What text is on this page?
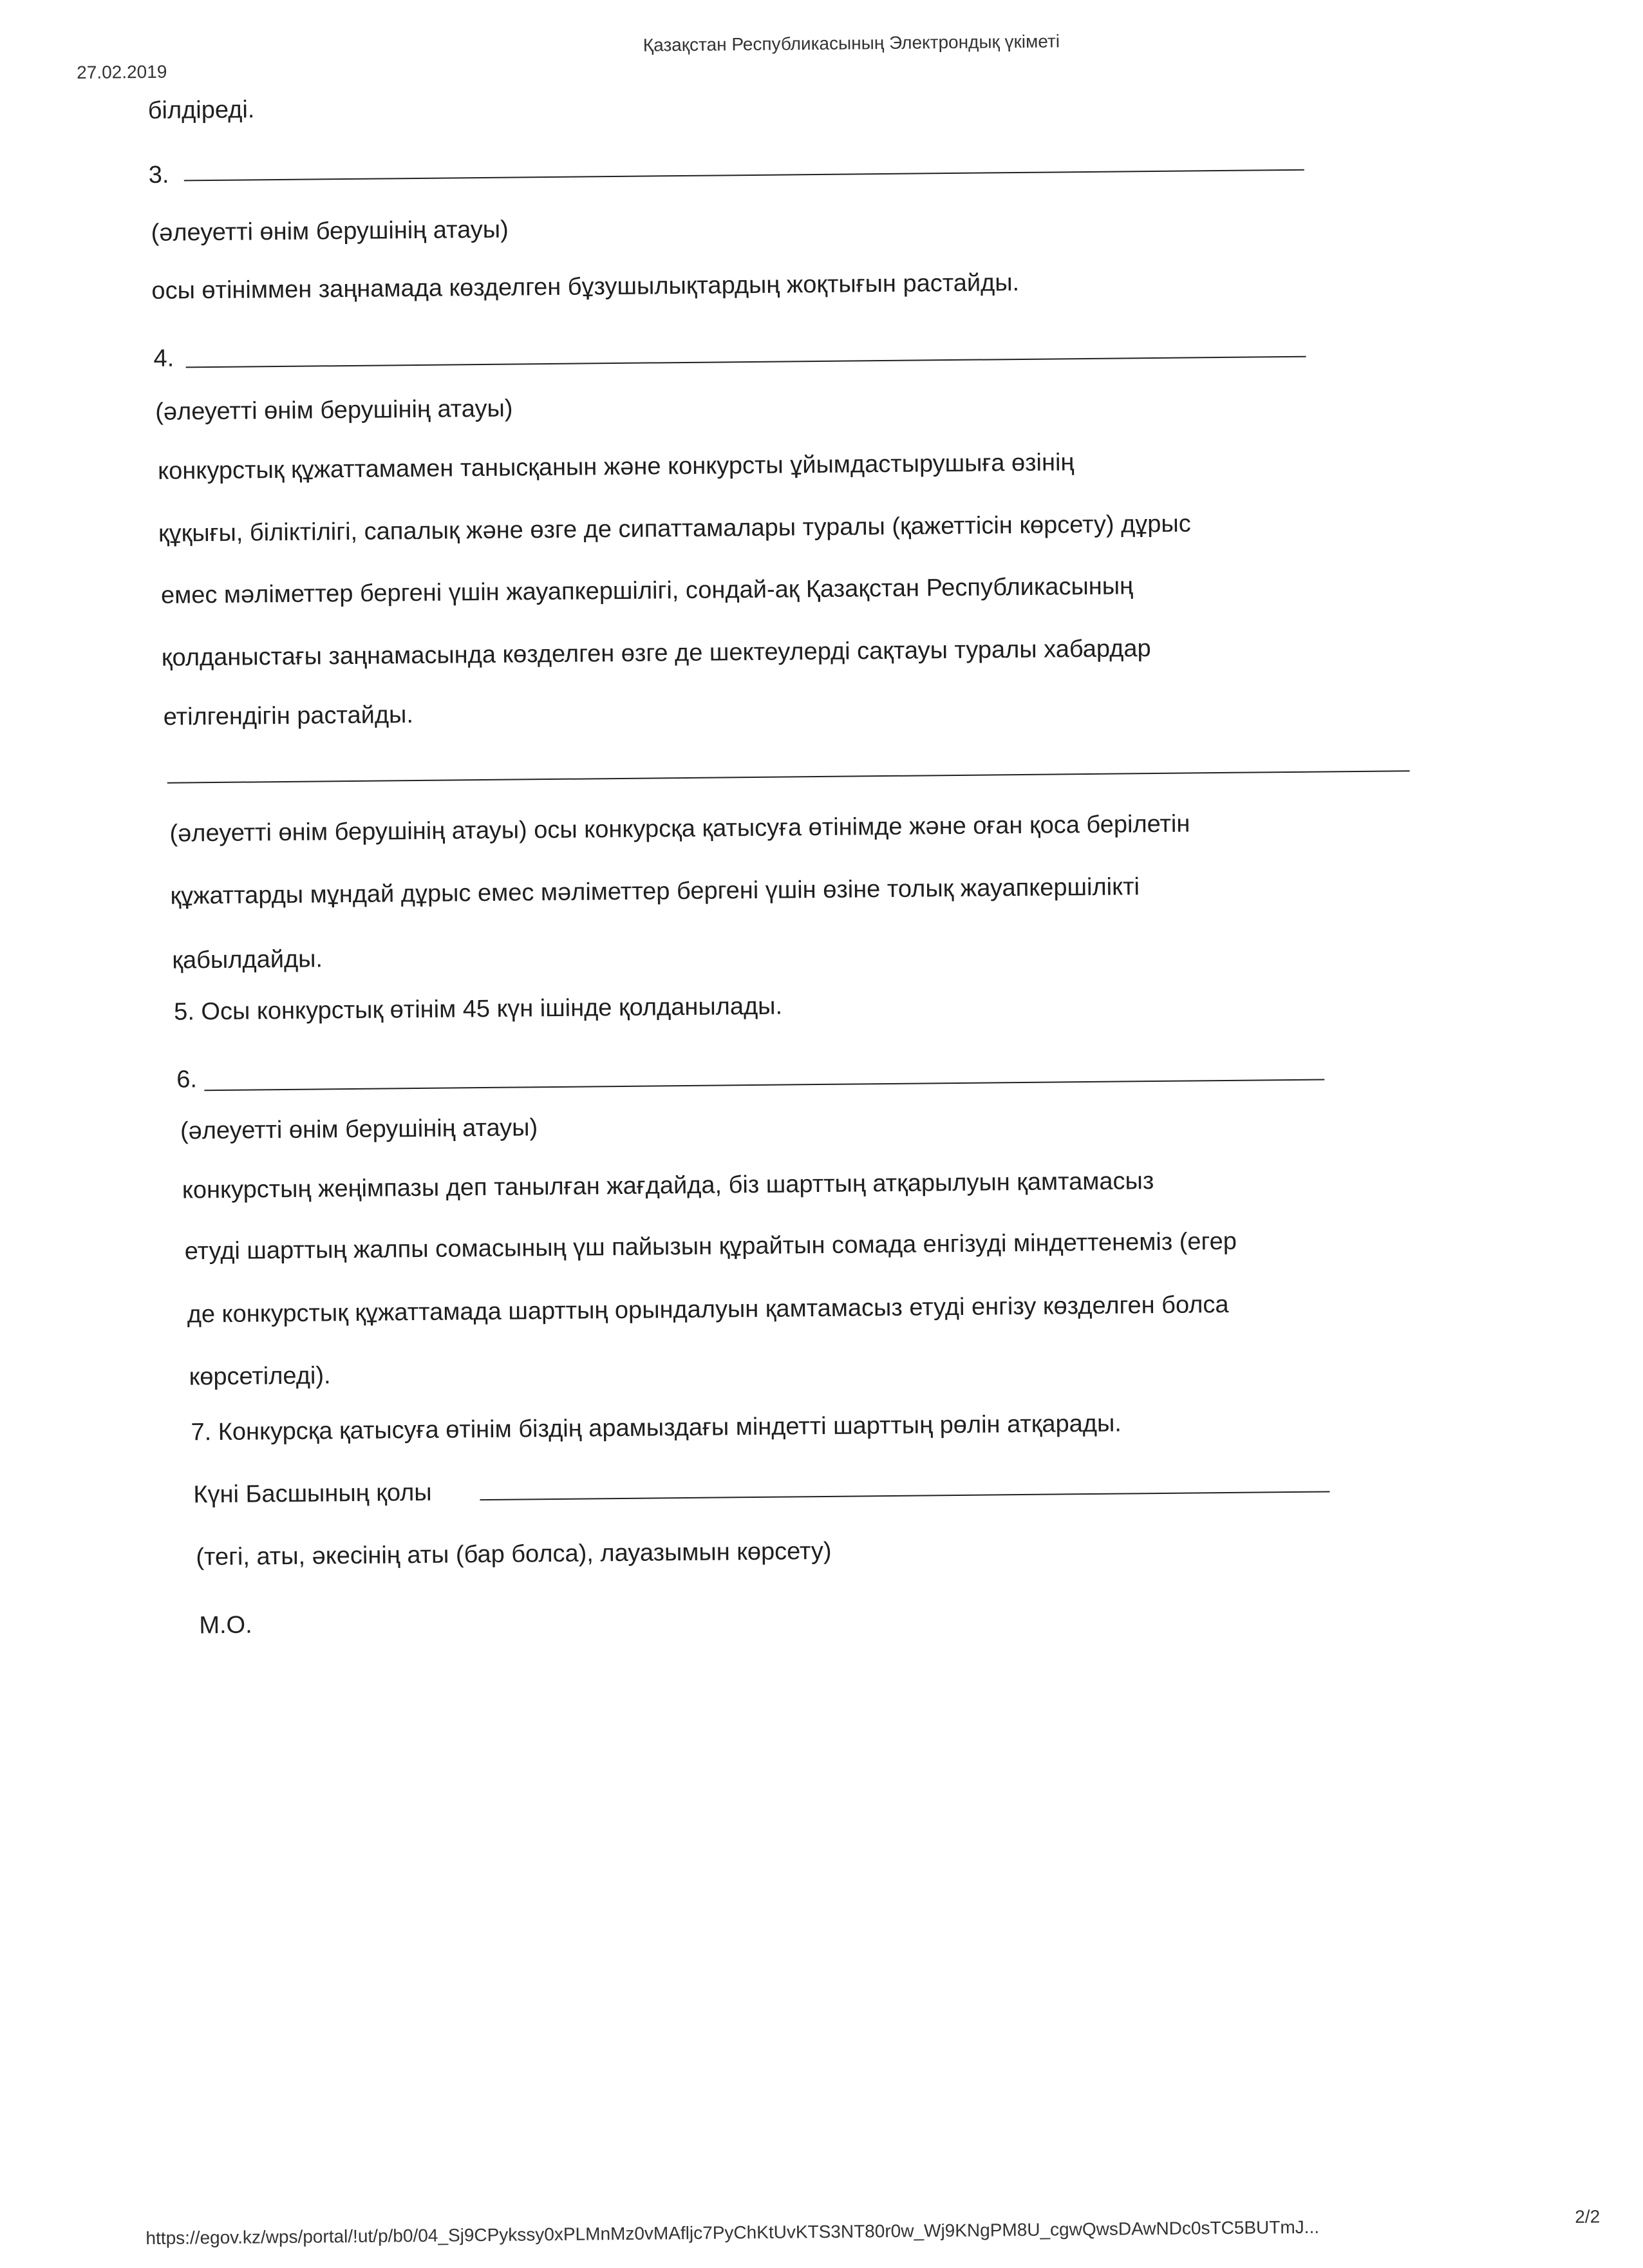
27.02.2019
Қазақстан Республикасының Электрондық үкіметі
білдіреді.
3.
(әлеуетті өнім берушінің атауы)
осы өтініммен заңнамада көзделген бұзушылықтардың жоқтығын растайды.
4.
(әлеуетті өнім берушінің атауы)
конкурстық құжаттамамен танысқанын және конкурсты ұйымдастырушыға өзінің
құқығы, біліктілігі, сапалық және өзге де сипаттамалары туралы (қажеттісін көрсету) дұрыс
емес мәліметтер бергені үшін жауапкершілігі, сондай-ақ Қазақстан Республикасының
қолданыстағы заңнамасында көзделген өзге де шектеулерді сақтауы туралы хабардар
етілгендігін растайды.
(әлеуетті өнім берушінің атауы) осы конкурсқа қатысуға өтінімде және оған қоса берілетін
құжаттарды мұндай дұрыс емес мәліметтер бергені үшін өзіне толық жауапкершілікті
қабылдайды.
5. Осы конкурстық өтінім 45 күн ішінде қолданылады.
6.
(әлеуетті өнім берушінің атауы)
конкурстың жеңімпазы деп танылған жағдайда, біз шарттың атқарылуын қамтамасыз
етуді шарттың жалпы сомасының үш пайызын құрайтын сомада енгізуді міндеттенеміз (егер
де конкурстық құжаттамада шарттың орындалуын қамтамасыз етуді енгізу көзделген болса
көрсетіледі).
7. Конкурсқа қатысуға өтінім біздің арамыздағы міндетті шарттың рөлін атқарады.
Күні Басшының қолы
(тегі, аты, әкесінің аты (бар болса), лауазымын көрсету)
М.О.
https://egov.kz/wps/portal/!ut/p/b0/04_Sj9CPykssy0xPLMnMz0vMAfljc7PyChKtUvKTS3NT80r0w_Wj9KNgPM8U_cgwQwsDAwNDc0sTC5BUTmJ...
2/2
